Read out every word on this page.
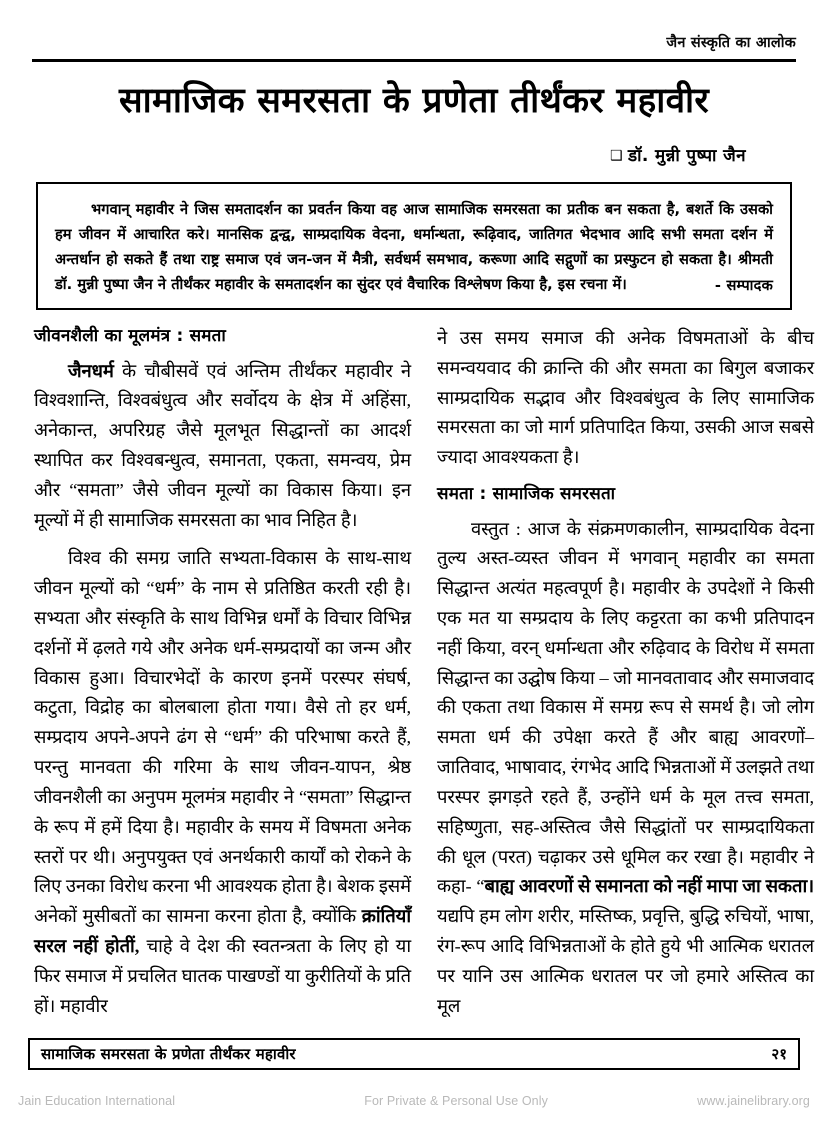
जैन संस्कृति का आलोक
सामाजिक समरसता के प्रणेता तीर्थंकर महावीर
❑ डॉ. मुन्नी पुष्पा जैन
भगवान् महावीर ने जिस समतादर्शन का प्रवर्तन किया वह आज सामाजिक समरसता का प्रतीक बन सकता है, बशर्ते कि उसको हम जीवन में आचारित करे। मानसिक द्वन्द्व, साम्प्रदायिक वेदना, धर्मान्धता, रूढ़िवाद, जातिगत भेदभाव आदि सभी समता दर्शन में अन्तर्धान हो सकते हैं तथा राष्ट्र समाज एवं जन-जन में मैत्री, सर्वधर्म समभाव, करूणा आदि सद्गुणों का प्रस्फुटन हो सकता है। श्रीमती डॉ. मुन्नी पुष्पा जैन ने तीर्थंकर महावीर के समतादर्शन का सुंदर एवं वैचारिक विश्लेषण किया है, इस रचना में।	- सम्पादक
जीवनशैली का मूलमंत्र : समता

जैनधर्म के चौबीसवें एवं अन्तिम तीर्थंकर महावीर ने विश्वशान्ति, विश्वबंधुत्व और सर्वोदय के क्षेत्र में अहिंसा, अनेकान्त, अपरिग्रह जैसे मूलभूत सिद्धान्तों का आदर्श स्थापित कर विश्वबन्धुत्व, समानता, एकता, समन्वय, प्रेम और “समता” जैसे जीवन मूल्यों का विकास किया। इन मूल्यों में ही सामाजिक समरसता का भाव निहित है।

विश्व की समग्र जाति सभ्यता-विकास के साथ-साथ जीवन मूल्यों को “धर्म” के नाम से प्रतिष्ठित करती रही है। सभ्यता और संस्कृति के साथ विभिन्न धर्मों के विचार विभिन्न दर्शनों में ढ़लते गये और अनेक धर्म-सम्प्रदायों का जन्म और विकास हुआ। विचारभेदों के कारण इनमें परस्पर संघर्ष, कटुता, विद्रोह का बोलबाला होता गया। वैसे तो हर धर्म, सम्प्रदाय अपने-अपने ढंग से “धर्म” की परिभाषा करते हैं, परन्तु मानवता की गरिमा के साथ जीवन-यापन, श्रेष्ठ जीवनशैली का अनुपम मूलमंत्र महावीर ने “समता” सिद्धान्त के रूप में हमें दिया है। महावीर के समय में विषमता अनेक स्तरों पर थी। अनुपयुक्त एवं अनर्थकारी कार्यों को रोकने के लिए उनका विरोध करना भी आवश्यक होता है। बेशक इसमें अनेकों मुसीबतों का सामना करना होता है, क्योंकि क्रांतियाँ सरल नहीं होतीं, चाहे वे देश की स्वतन्त्रता के लिए हो या फिर समाज में प्रचलित घातक पाखण्डों या कुरीतियों के प्रति हों। महावीर

ने उस समय समाज की अनेक विषमताओं के बीच समन्वयवाद की क्रान्ति की और समता का बिगुल बजाकर साम्प्रदायिक सद्भाव और विश्वबंधुत्व के लिए सामाजिक समरसता का जो मार्ग प्रतिपादित किया, उसकी आज सबसे ज्यादा आवश्यकता है।

समता : सामाजिक समरसता

वस्तुत : आज के संक्रमणकालीन, साम्प्रदायिक वेदना तुल्य अस्त-व्यस्त जीवन में भगवान् महावीर का समता सिद्धान्त अत्यंत महत्वपूर्ण है। महावीर के उपदेशों ने किसी एक मत या सम्प्रदाय के लिए कट्टरता का कभी प्रतिपादन नहीं किया, वरन् धर्मान्धता और रुढ़िवाद के विरोध में समता सिद्धान्त का उद्घोष किया – जो मानवतावाद और समाजवाद की एकता तथा विकास में समग्र रूप से समर्थ है। जो लोग समता धर्म की उपेक्षा करते हैं और बाह्य आवरणों–जातिवाद, भाषावाद, रंगभेद आदि भिन्नताओं में उलझते तथा परस्पर झगड़ते रहते हैं, उन्होंने धर्म के मूल तत्त्व समता, सहिष्णुता, सह-अस्तित्व जैसे सिद्धांतों पर साम्प्रदायिकता की धूल (परत) चढ़ाकर उसे धूमिल कर रखा है। महावीर ने कहा- “बाह्य आवरणों से समानता को नहीं मापा जा सकता। यद्यपि हम लोग शरीर, मस्तिष्क, प्रवृत्ति, बुद्धि रुचियों, भाषा, रंग-रूप आदि विभिन्नताओं के होते हुये भी आत्मिक धरातल पर यानि उस आत्मिक धरातल पर जो हमारे अस्तित्व का मूल

सामाजिक समरसता के प्रणेता तीर्थंकर महावीर	२१
Jain Education International	For Private & Personal Use Only	www.jainelibrary.org
